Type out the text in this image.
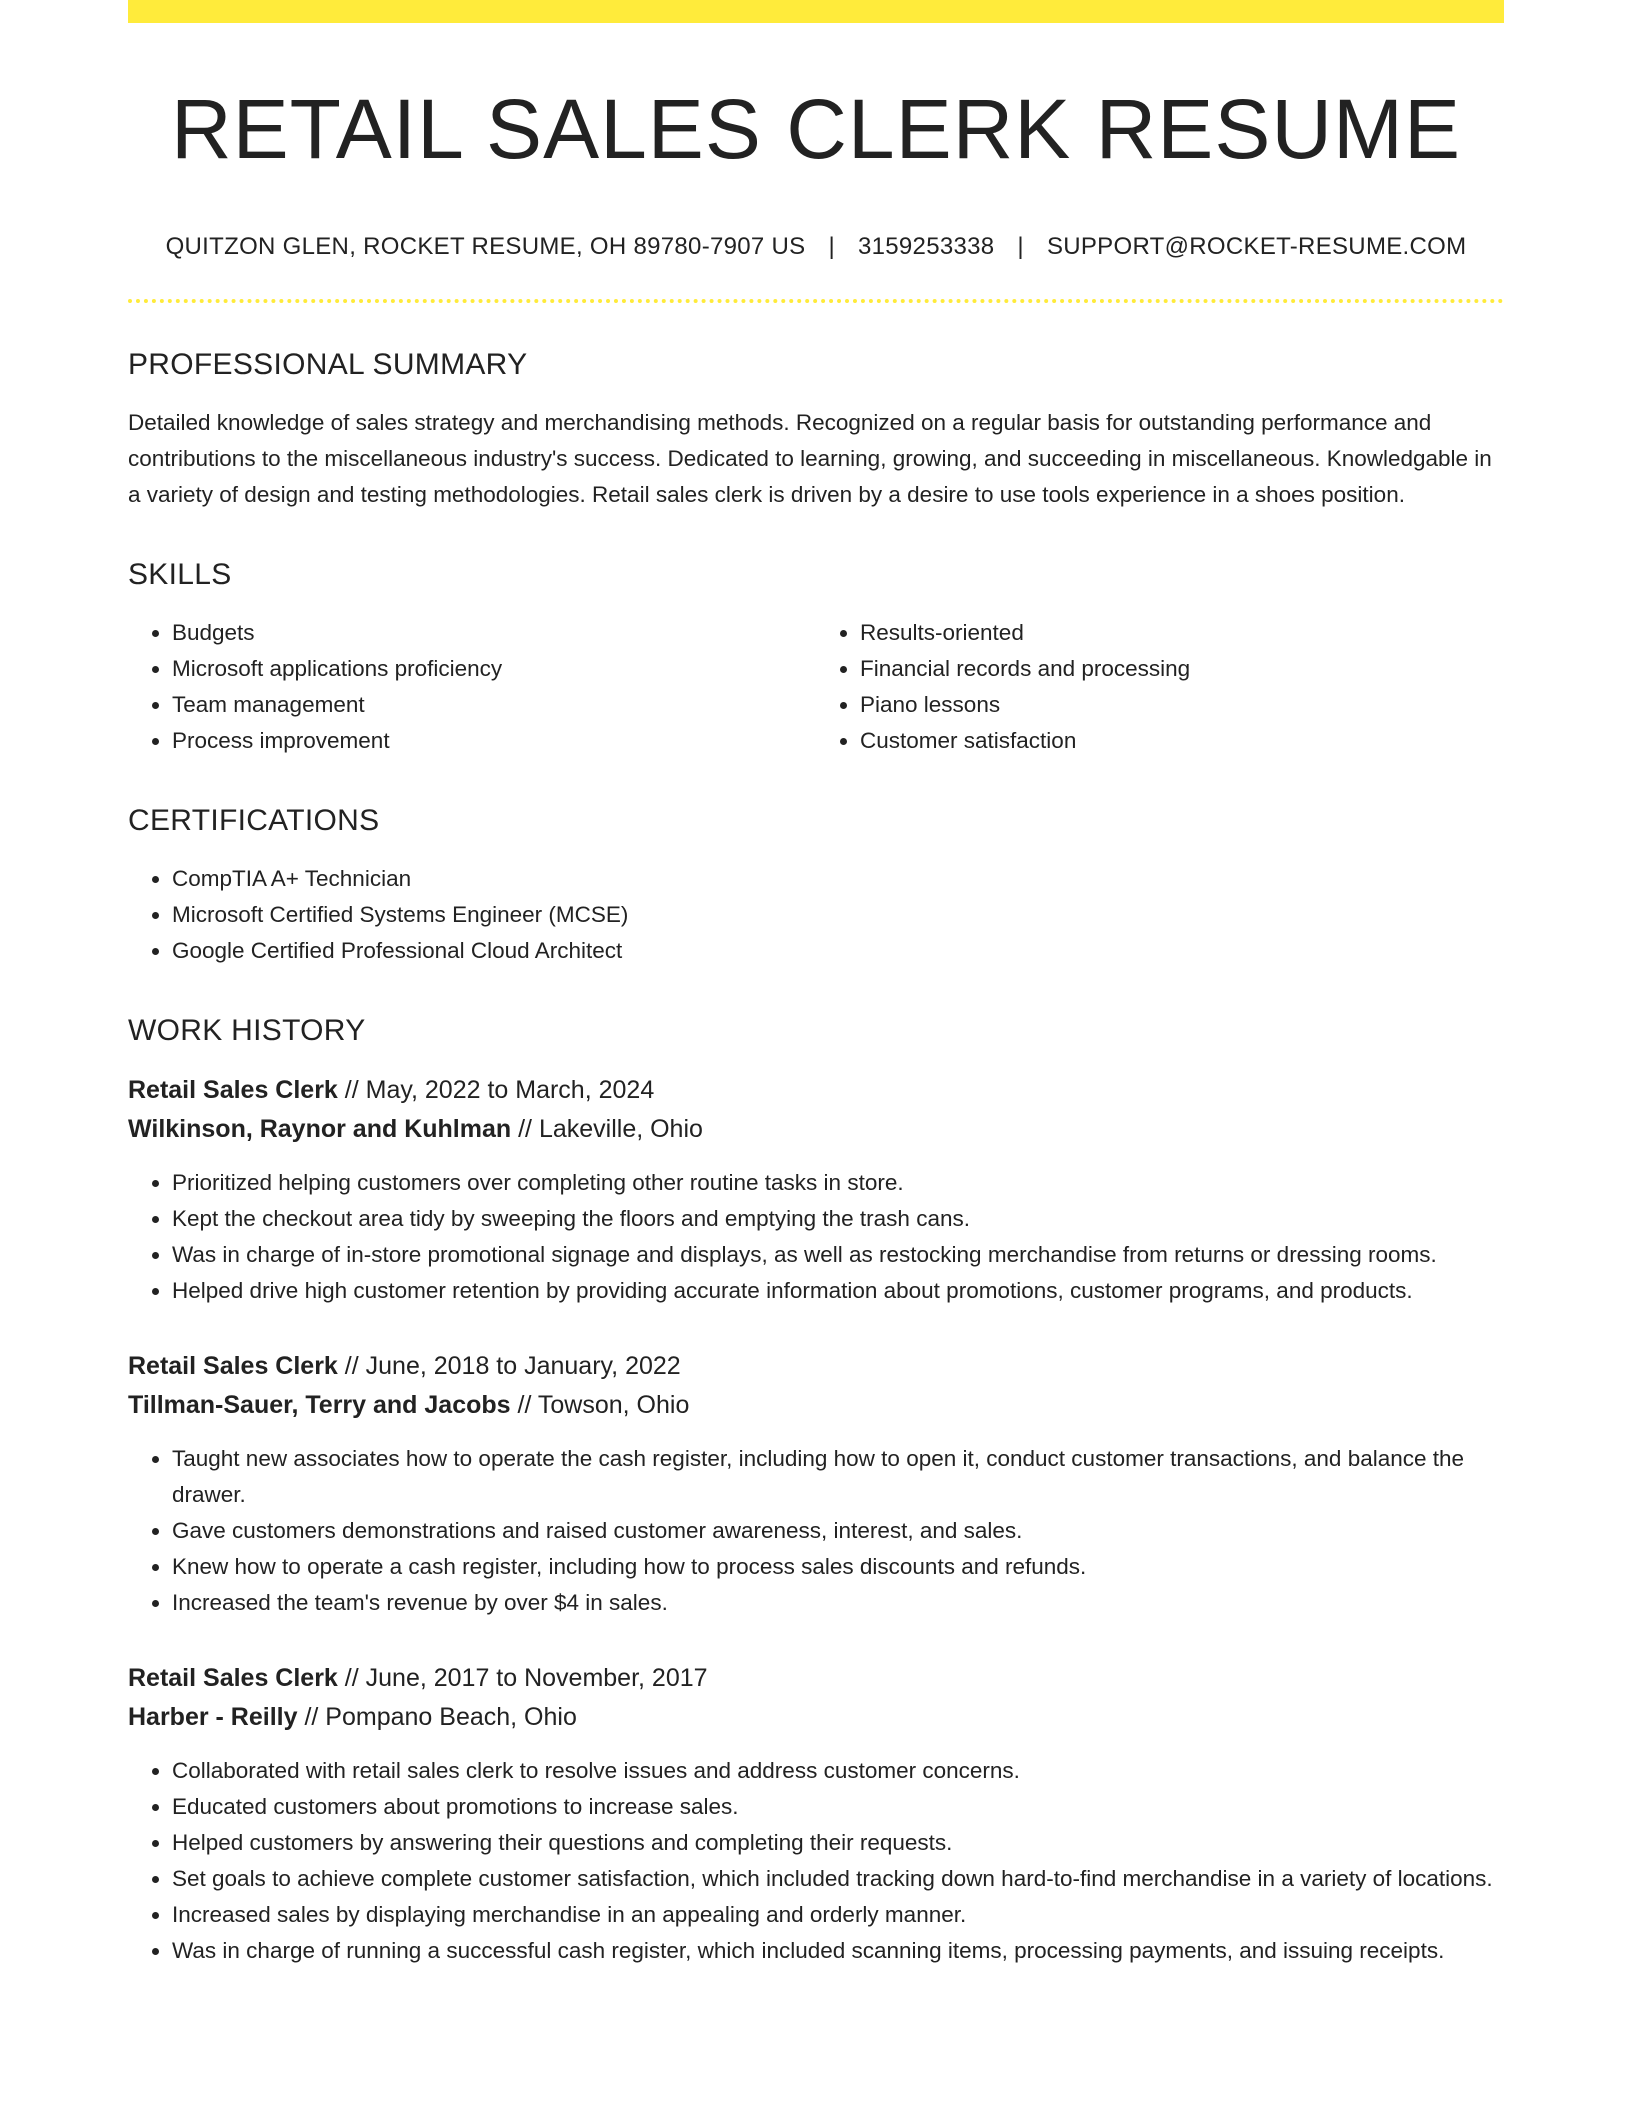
RETAIL SALES CLERK RESUME
QUITZON GLEN, ROCKET RESUME, OH 89780-7907 US | 3159253338 | SUPPORT@ROCKET-RESUME.COM
PROFESSIONAL SUMMARY

Detailed knowledge of sales strategy and merchandising methods. Recognized on a regular basis for outstanding performance and contributions to the miscellaneous industry's success. Dedicated to learning, growing, and succeeding in miscellaneous. Knowledgable in a variety of design and testing methodologies. Retail sales clerk is driven by a desire to use tools experience in a shoes position.

SKILLS
• Budgets
• Microsoft applications proficiency
• Team management
• Process improvement
• Results-oriented
• Financial records and processing
• Piano lessons
• Customer satisfaction
CERTIFICATIONS
• CompTIA A+ Technician
• Microsoft Certified Systems Engineer (MCSE)
• Google Certified Professional Cloud Architect
WORK HISTORY
Retail Sales Clerk // May, 2022 to March, 2024
Wilkinson, Raynor and Kuhlman // Lakeville, Ohio
• Prioritized helping customers over completing other routine tasks in store.
• Kept the checkout area tidy by sweeping the floors and emptying the trash cans.
• Was in charge of in-store promotional signage and displays, as well as restocking merchandise from returns or dressing rooms.
• Helped drive high customer retention by providing accurate information about promotions, customer programs, and products.
Retail Sales Clerk // June, 2018 to January, 2022
Tillman-Sauer, Terry and Jacobs // Towson, Ohio
• Taught new associates how to operate the cash register, including how to open it, conduct customer transactions, and balance the drawer.
• Gave customers demonstrations and raised customer awareness, interest, and sales.
• Knew how to operate a cash register, including how to process sales discounts and refunds.
• Increased the team's revenue by over $4 in sales.
Retail Sales Clerk // June, 2017 to November, 2017
Harber - Reilly // Pompano Beach, Ohio
• Collaborated with retail sales clerk to resolve issues and address customer concerns.
• Educated customers about promotions to increase sales.
• Helped customers by answering their questions and completing their requests.
• Set goals to achieve complete customer satisfaction, which included tracking down hard-to-find merchandise in a variety of locations.
• Increased sales by displaying merchandise in an appealing and orderly manner.
• Was in charge of running a successful cash register, which included scanning items, processing payments, and issuing receipts.
